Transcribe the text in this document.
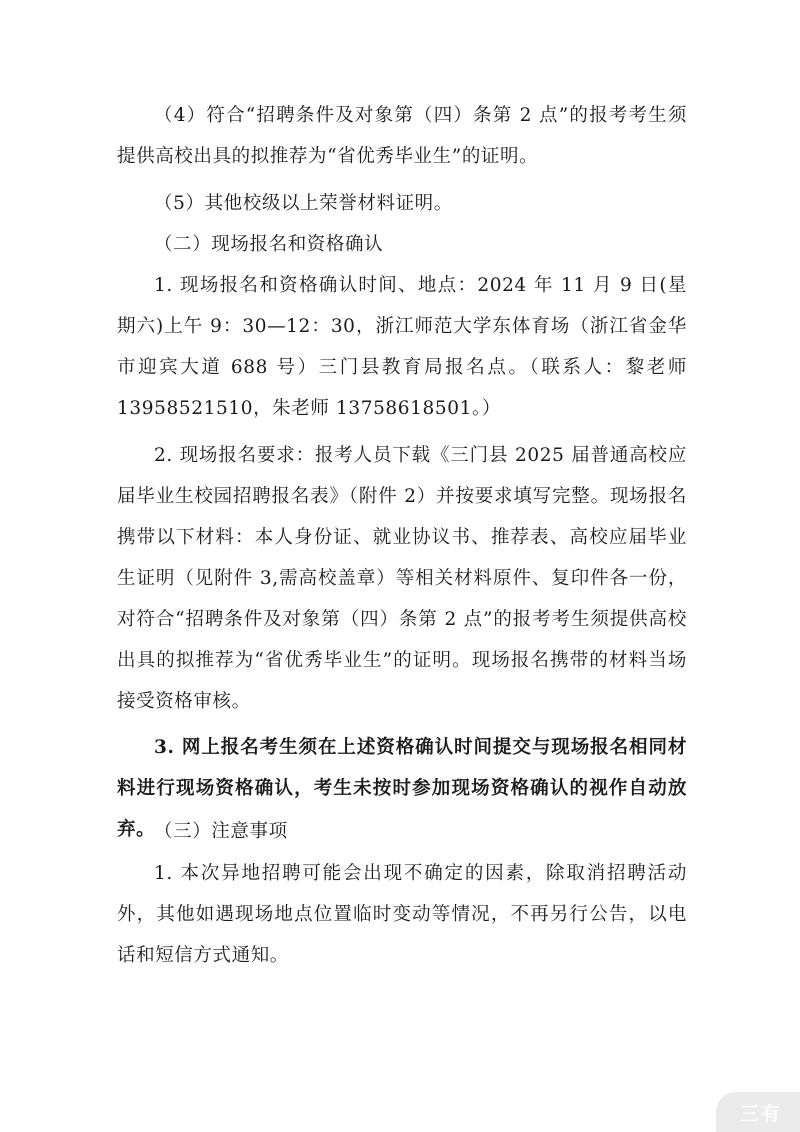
（4）符合“招聘条件及对象第（四）条第 2 点”的报考考生须提供高校出具的拟推荐为“省优秀毕业生”的证明。

（5）其他校级以上荣誉材料证明。

（二）现场报名和资格确认

1. 现场报名和资格确认时间、地点：2024 年 11 月 9 日(星期六)上午 9：30—12：30，浙江师范大学东体育场（浙江省金华市迎宾大道 688 号）三门县教育局报名点。（联系人：黎老师 13958521510，朱老师 13758618501。）

2. 现场报名要求：报考人员下载《三门县 2025 届普通高校应届毕业生校园招聘报名表》（附件 2）并按要求填写完整。现场报名携带以下材料：本人身份证、就业协议书、推荐表、高校应届毕业生证明（见附件 3,需高校盖章）等相关材料原件、复印件各一份，对符合“招聘条件及对象第（四）条第 2 点”的报考考生须提供高校出具的拟推荐为“省优秀毕业生”的证明。现场报名携带的材料当场接受资格审核。

3. 网上报名考生须在上述资格确认时间提交与现场报名相同材料进行现场资格确认，考生未按时参加现场资格确认的视作自动放弃。

（三）注意事项

1. 本次异地招聘可能会出现不确定的因素，除取消招聘活动外，其他如遇现场地点位置临时变动等情况，不再另行公告，以电话和短信方式通知。

三有
